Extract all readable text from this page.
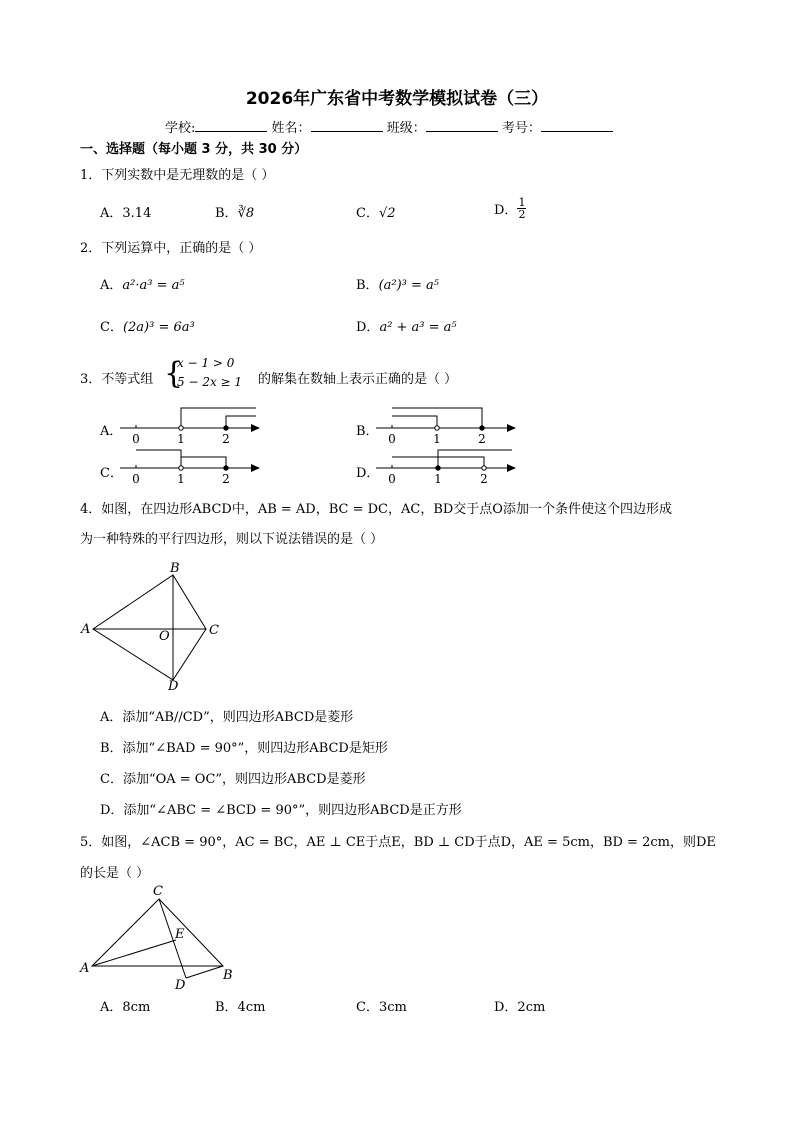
2026年广东省中考数学模拟试卷（三）
学校:	姓名：	班级：	考号：
一、选择题（每小题 3 分，共 30 分）
1．下列实数中是无理数的是（ ）
A．3.14	B．∛8	C．√2	D． $\frac{1}{2}$
2．下列运算中，正确的是（ ）
A．a²·a³ = a⁵	B．(a²)³ = a⁵
C．(2a)³ = 6a³	D．a² + a³ = a⁵
3．不等式组 {
x − 1 > 0
5 − 2x ≥ 1 的解集在数轴上表示正确的是（ ）
A．	B．
C．	D．
0	1	2	0	1	2
0	1	2	0	1	2
4．如图，在四边形ABCD中，AB = AD，BC = DC，AC，BD交于点O添加一个条件使这个四边形成
为一种特殊的平行四边形，则以下说法错误的是（ ）
B
A	C
D
O
A．添加“AB//CD”，则四边形ABCD是菱形
B．添加“∠BAD = 90°”，则四边形ABCD是矩形
C．添加“OA = OC”，则四边形ABCD是菱形
D．添加“∠ABC = ∠BCD = 90°”，则四边形ABCD是正方形
5．如图，∠ACB = 90°，AC = BC，AE ⊥ CE于点E，BD ⊥ CD于点D，AE = 5cm，BD = 2cm，则DE
的长是（ ）
C
A	B
D
E
A．8cm	B．4cm	C．3cm	D．2cm
